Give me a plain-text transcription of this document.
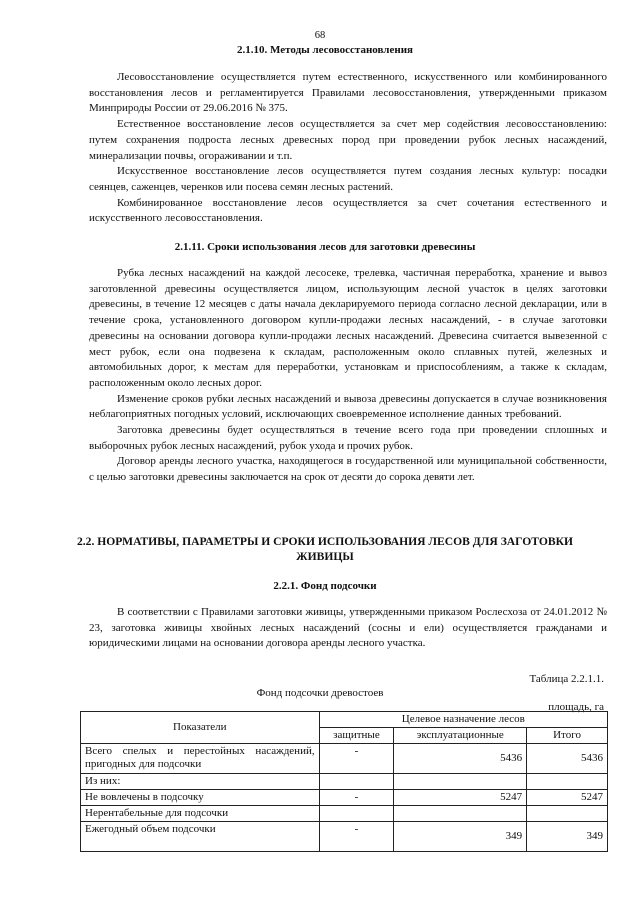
68
2.1.10. Методы лесовосстановления

Лесовосстановление осуществляется путем естественного, искусственного или комбинированного восстановления лесов и регламентируется Правилами лесовосстановления, утвержденными приказом Минприроды России от 29.06.2016 № 375.

Естественное восстановление лесов осуществляется за счет мер содействия лесовосстановлению: путем сохранения подроста лесных древесных пород при проведении рубок лесных насаждений, минерализации почвы, огораживании и т.п.

Искусственное восстановление лесов осуществляется путем создания лесных культур: посадки сеянцев, саженцев, черенков или посева семян лесных растений.

Комбинированное восстановление лесов осуществляется за счет сочетания естественного и искусственного лесовосстановления.

2.1.11. Сроки использования лесов для заготовки древесины

Рубка лесных насаждений на каждой лесосеке, трелевка, частичная переработка, хранение и вывоз заготовленной древесины осуществляется лицом, использующим лесной участок в целях заготовки древесины, в течение 12 месяцев с даты начала декларируемого периода согласно лесной декларации, или в течение срока, установленного договором купли-продажи лесных насаждений, - в случае заготовки древесины на основании договора купли-продажи лесных насаждений. Древесина считается вывезенной с мест рубок, если она подвезена к складам, расположенным около сплавных путей, железных и автомобильных дорог, к местам для переработки, установкам и приспособлениям, а также к складам, расположенным около лесных дорог.

Изменение сроков рубки лесных насаждений и вывоза древесины допускается в случае возникновения неблагоприятных погодных условий, исключающих своевременное исполнение данных требований.

Заготовка древесины будет осуществляться в течение всего года при проведении сплошных и выборочных рубок лесных насаждений, рубок ухода и прочих рубок.

Договор аренды лесного участка, находящегося в государственной или муниципальной собственности, с целью заготовки древесины заключается на срок от десяти до сорока девяти лет.

2.2. НОРМАТИВЫ, ПАРАМЕТРЫ И СРОКИ ИСПОЛЬЗОВАНИЯ ЛЕСОВ ДЛЯ ЗАГОТОВКИ ЖИВИЦЫ
2.2.1. Фонд подсочки

В соответствии с Правилами заготовки живицы, утвержденными приказом Рослесхоза от 24.01.2012 № 23, заготовка живицы хвойных лесных насаждений (сосны и ели) осуществляется гражданами и юридическими лицами на основании договора аренды лесного участка.

Таблица 2.2.1.1.
Фонд подсочки древостоев
площадь, га
Показатели	Целевое назначение лесов		
	защитные	эксплуатационные	Итого
Всего спелых и перестойных насаждений, пригодных для подсочки	-	5436	5436
Из них:			
Не вовлечены в подсочку	-	5247	5247
Нерентабельные для подсочки			
Ежегодный объем подсочки	-	349	349
